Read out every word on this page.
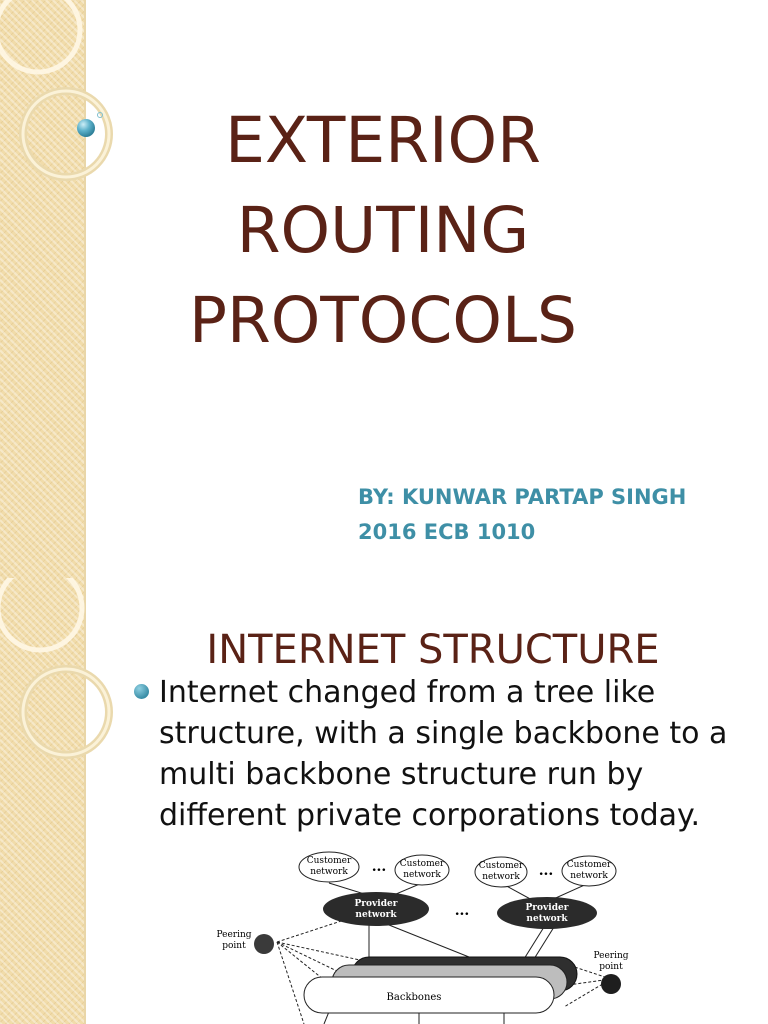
EXTERIOR
ROUTING
PROTOCOLS
BY: KUNWAR PARTAP SINGH
2016 ECB 1010
INTERNET STRUCTURE
Internet changed from a tree like structure, with a single backbone to a multi backbone structure run by different private corporations today.
Customer
network ... Customer
network
Customer
network ... Customer
network
Provider
network	...	Provider
network
Backbones
Peering
point
Peering
point
